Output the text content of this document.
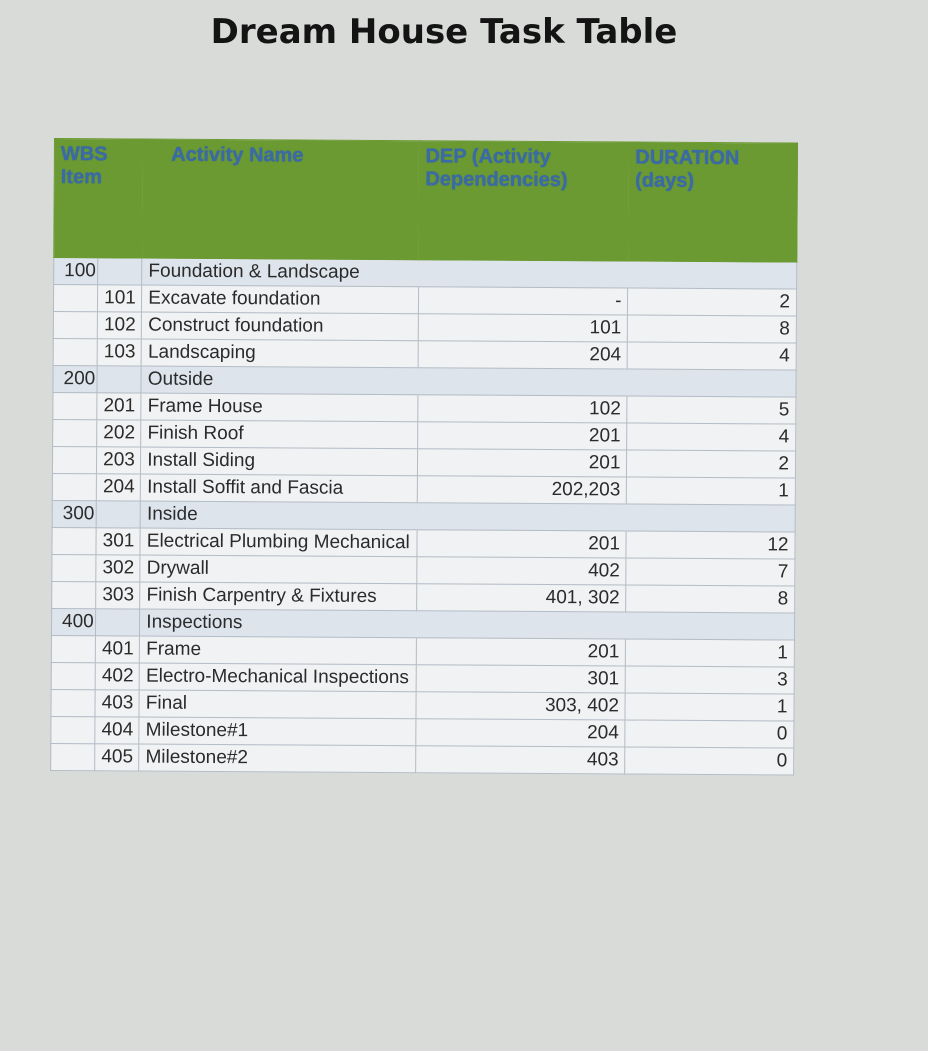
Dream House Task Table
WBS Item		Activity Name	DEP (Activity Dependencies)	DURATION (days)
100		Foundation & Landscape		
	101	Excavate foundation	-	2
	102	Construct foundation	101	8
	103	Landscaping	204	4
200		Outside		
	201	Frame House	102	5
	202	Finish Roof	201	4
	203	Install Siding	201	2
	204	Install Soffit and Fascia	202,203	1
300		Inside		
	301	Electrical Plumbing Mechanical	201	12
	302	Drywall	402	7
	303	Finish Carpentry & Fixtures	401, 302	8
400		Inspections		
	401	Frame	201	1
	402	Electro-Mechanical Inspections	301	3
	403	Final	303, 402	1
	404	Milestone#1	204	0
	405	Milestone#2	403	0
